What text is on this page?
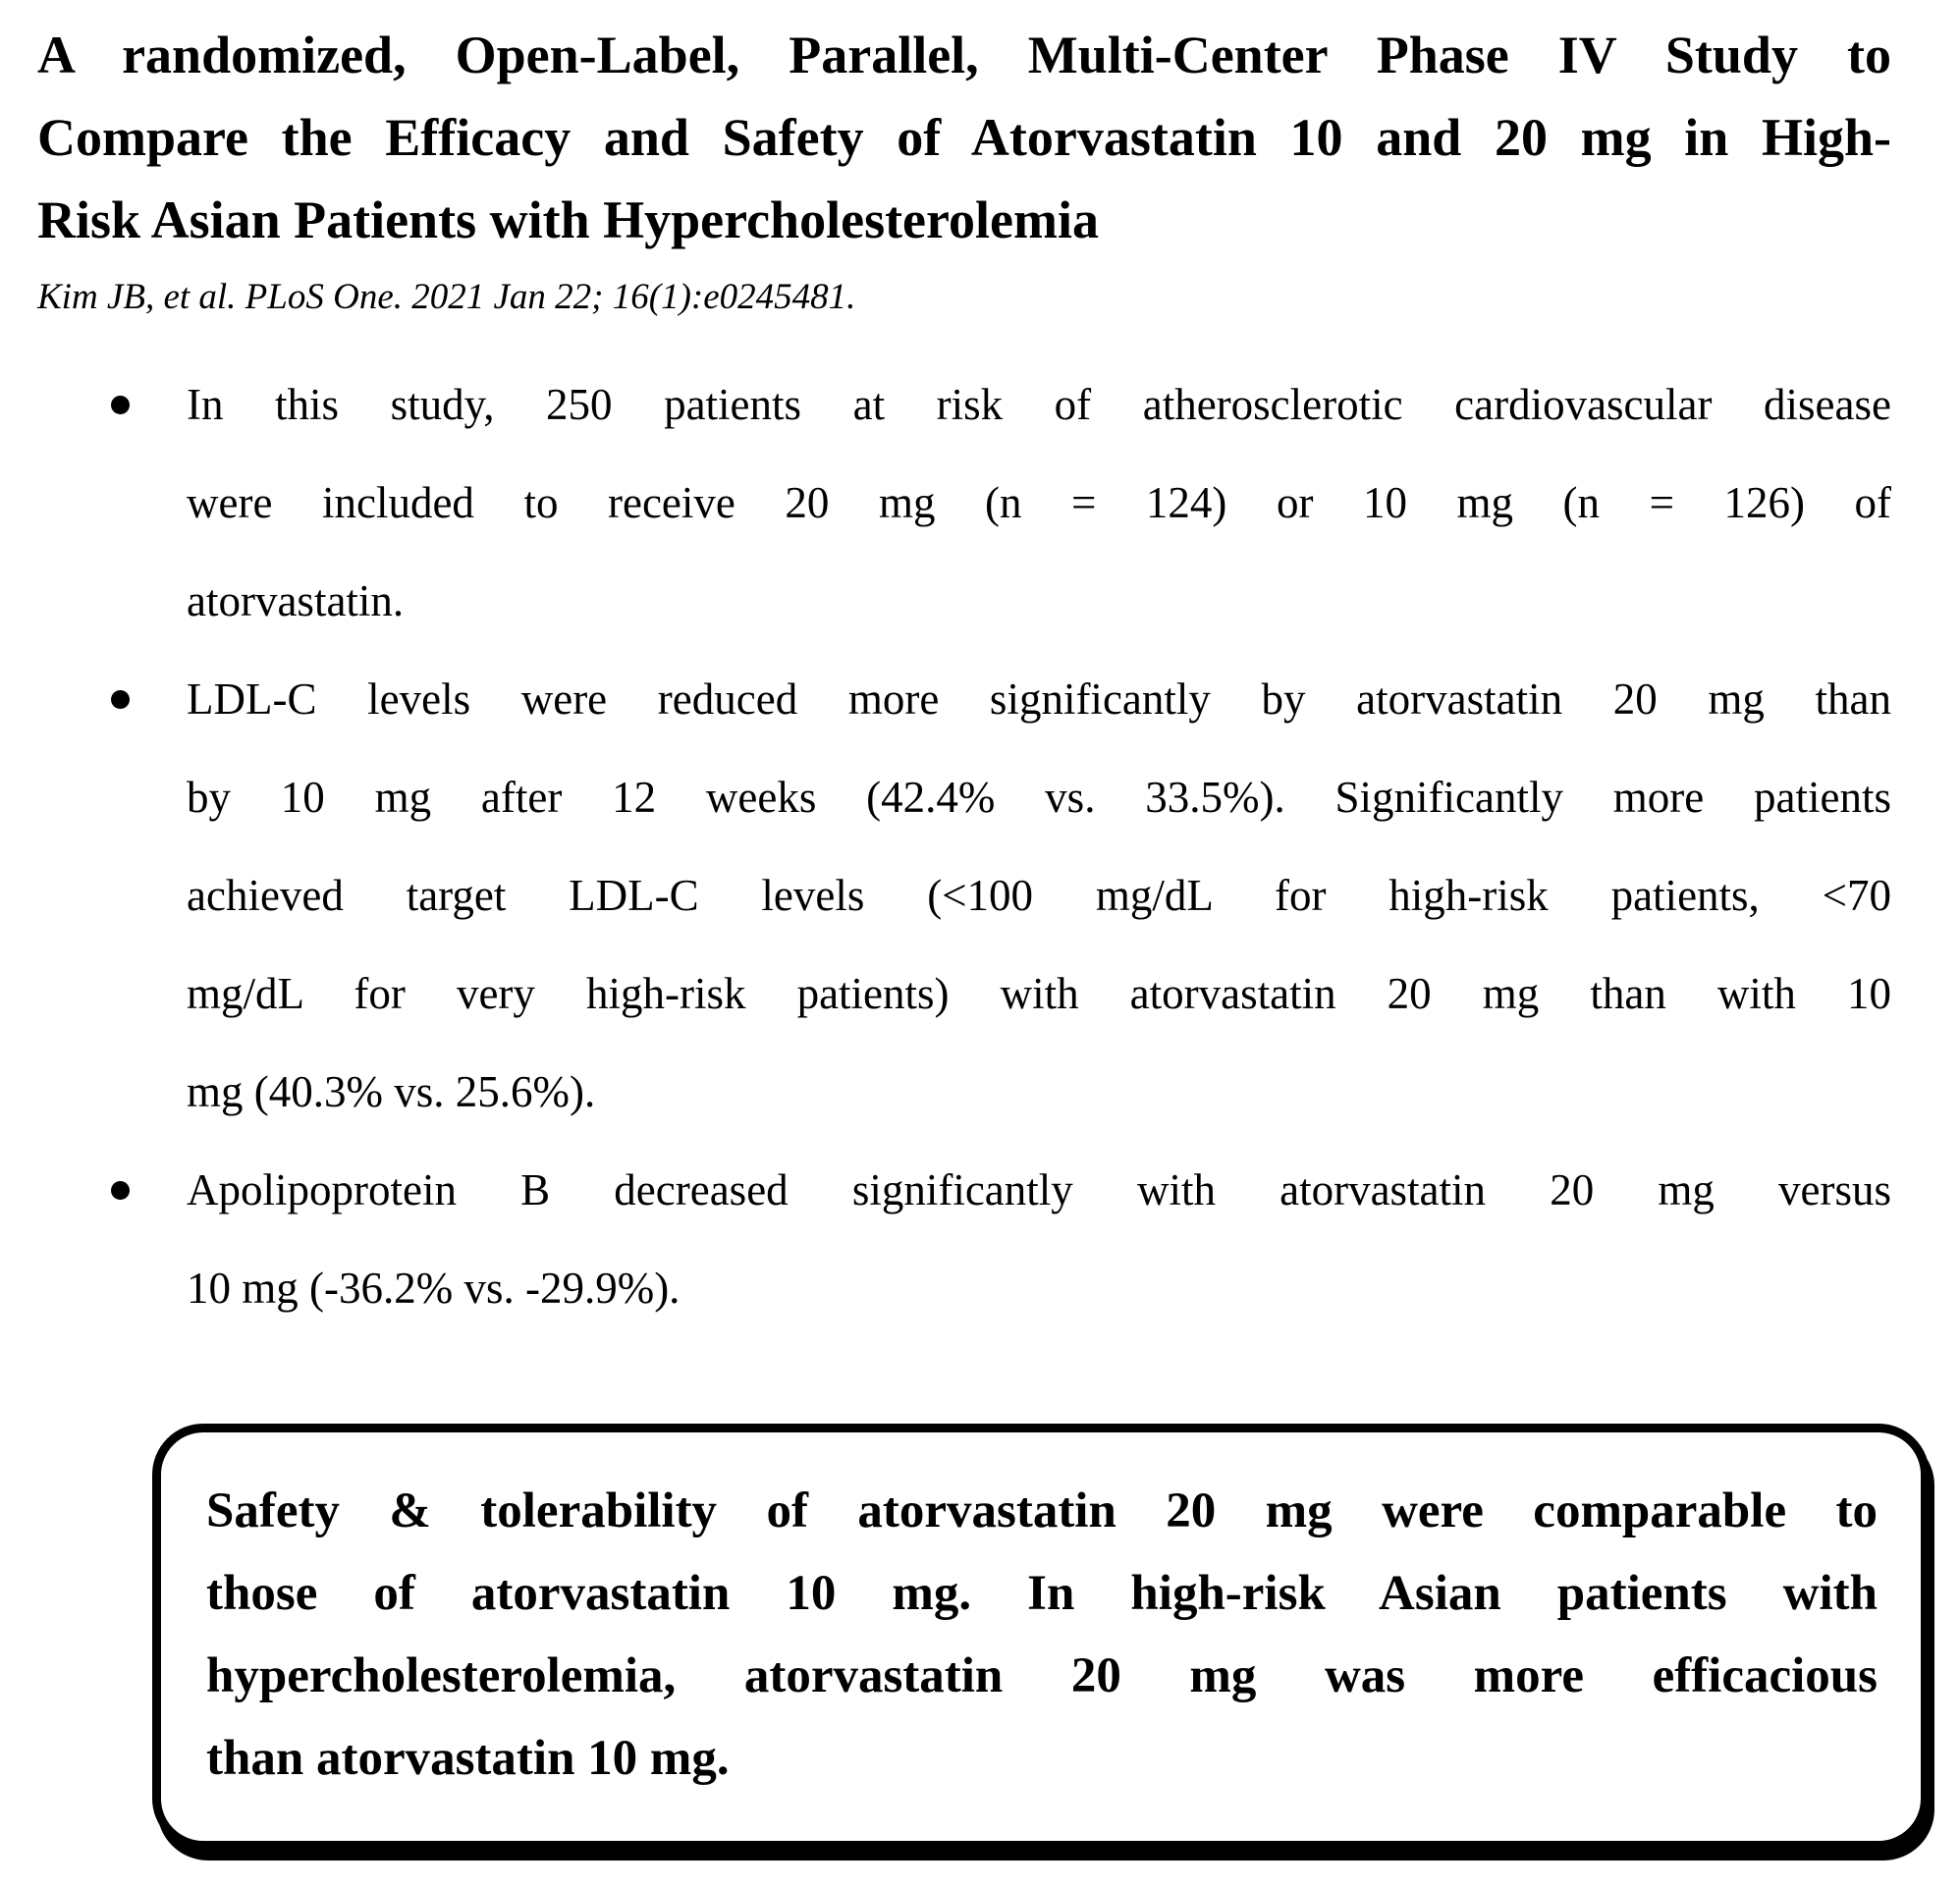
A randomized, Open-Label, Parallel, Multi-Center Phase IV Study to
Compare the Efficacy and Safety of Atorvastatin 10 and 20 mg in High-
Risk Asian Patients with Hypercholesterolemia
Kim JB, et al. PLoS One. 2021 Jan 22; 16(1):e0245481.
In this study, 250 patients at risk of atherosclerotic cardiovascular disease
were included to receive 20 mg (n = 124) or 10 mg (n = 126) of
atorvastatin.
LDL-C levels were reduced more significantly by atorvastatin 20 mg than
by 10 mg after 12 weeks (42.4% vs. 33.5%). Significantly more patients
achieved target LDL-C levels (<100 mg/dL for high-risk patients, <70
mg/dL for very high-risk patients) with atorvastatin 20 mg than with 10
mg (40.3% vs. 25.6%).
Apolipoprotein B decreased significantly with atorvastatin 20 mg versus
10 mg (-36.2% vs. -29.9%).
Safety & tolerability of atorvastatin 20 mg were comparable to
those of atorvastatin 10 mg. In high-risk Asian patients with
hypercholesterolemia, atorvastatin 20 mg was more efficacious
than atorvastatin 10 mg.
